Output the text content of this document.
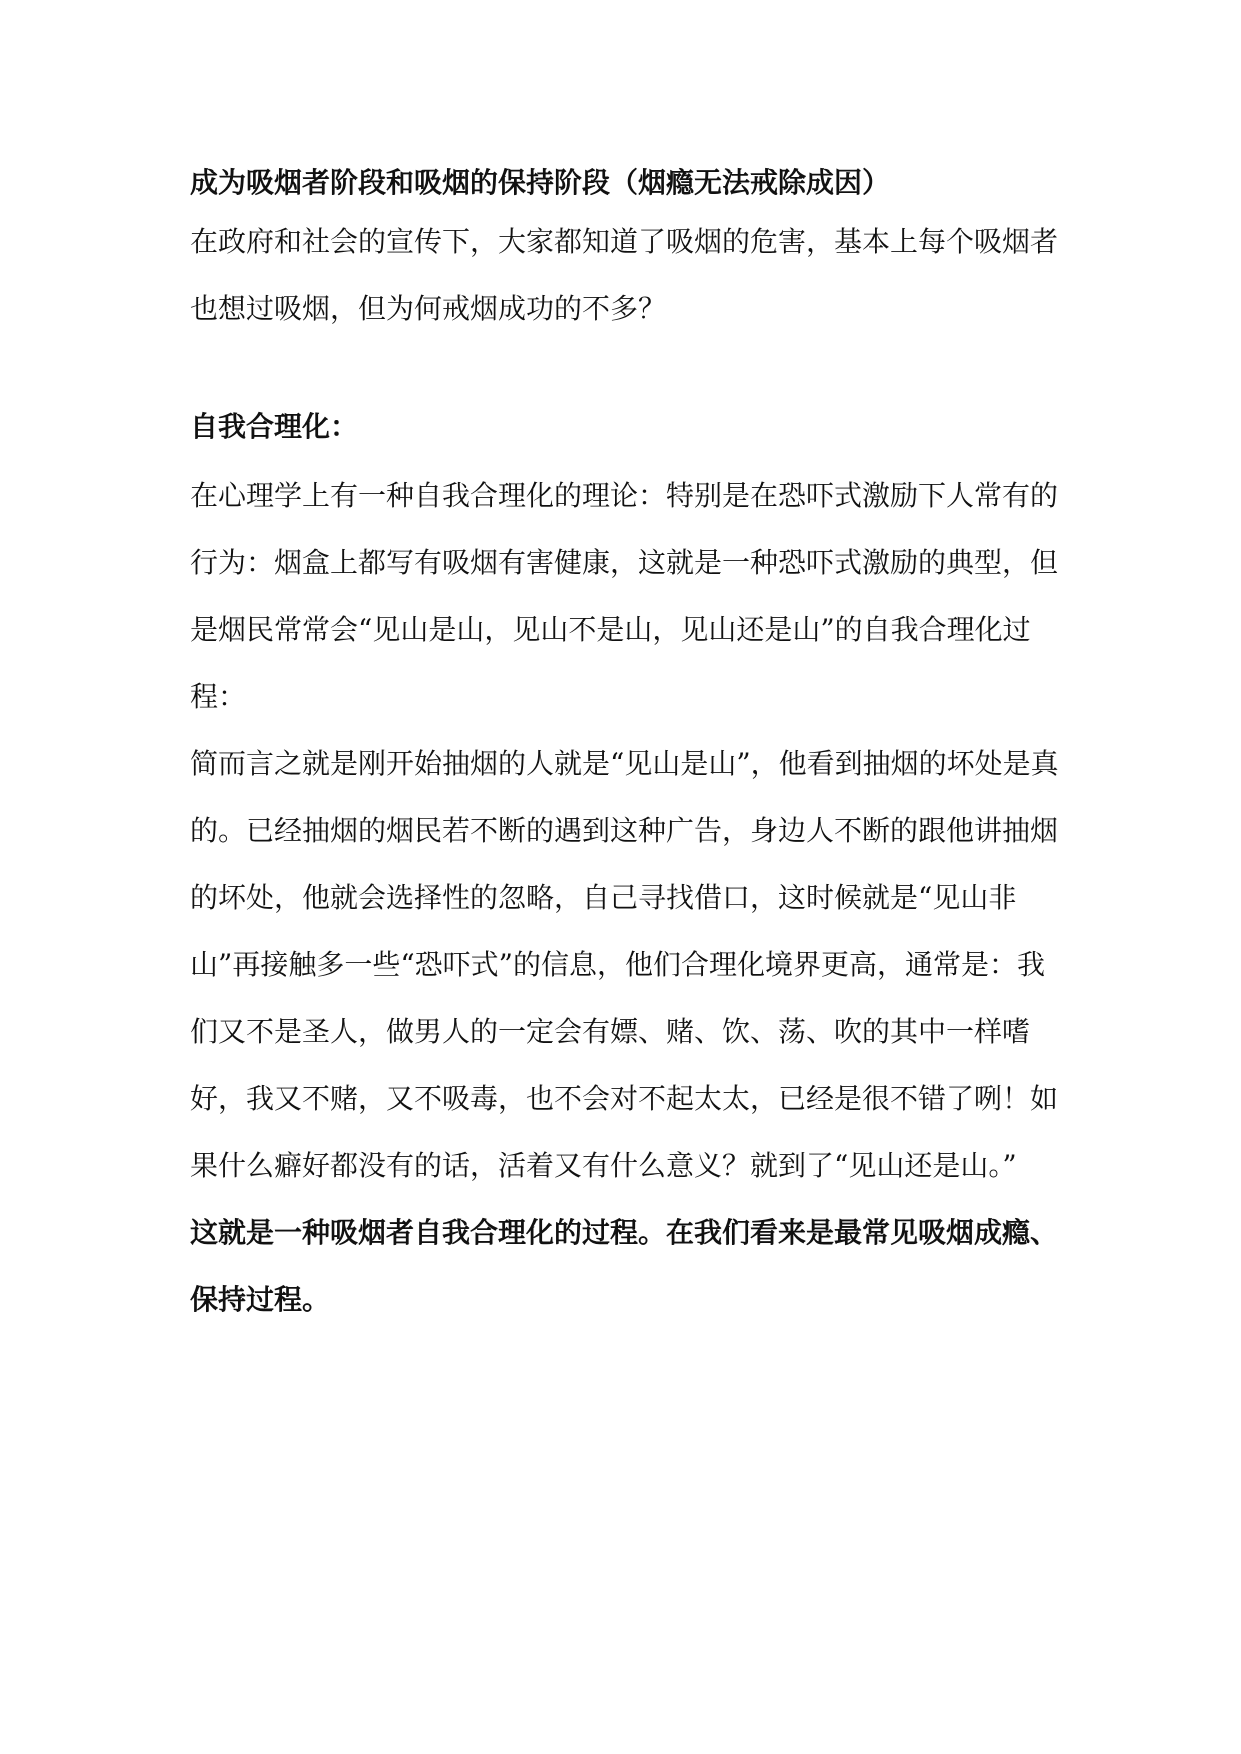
成为吸烟者阶段和吸烟的保持阶段（烟瘾无法戒除成因）

在政府和社会的宣传下，大家都知道了吸烟的危害，基本上每个吸烟者也想过吸烟，但为何戒烟成功的不多？

自我合理化：

在心理学上有一种自我合理化的理论：特别是在恐吓式激励下人常有的行为：烟盒上都写有吸烟有害健康，这就是一种恐吓式激励的典型，但是烟民常常会“见山是山，见山不是山，见山还是山”的自我合理化过程：

简而言之就是刚开始抽烟的人就是“见山是山”，他看到抽烟的坏处是真的。已经抽烟的烟民若不断的遇到这种广告，身边人不断的跟他讲抽烟的坏处，他就会选择性的忽略，自己寻找借口，这时候就是“见山非山”再接触多一些“恐吓式”的信息，他们合理化境界更高，通常是：我们又不是圣人，做男人的一定会有嫖、赌、饮、荡、吹的其中一样嗜好，我又不赌，又不吸毒，也不会对不起太太，已经是很不错了咧！如果什么癖好都没有的话，活着又有什么意义？就到了“见山还是山。”

这就是一种吸烟者自我合理化的过程。在我们看来是最常见吸烟成瘾、保持过程。
